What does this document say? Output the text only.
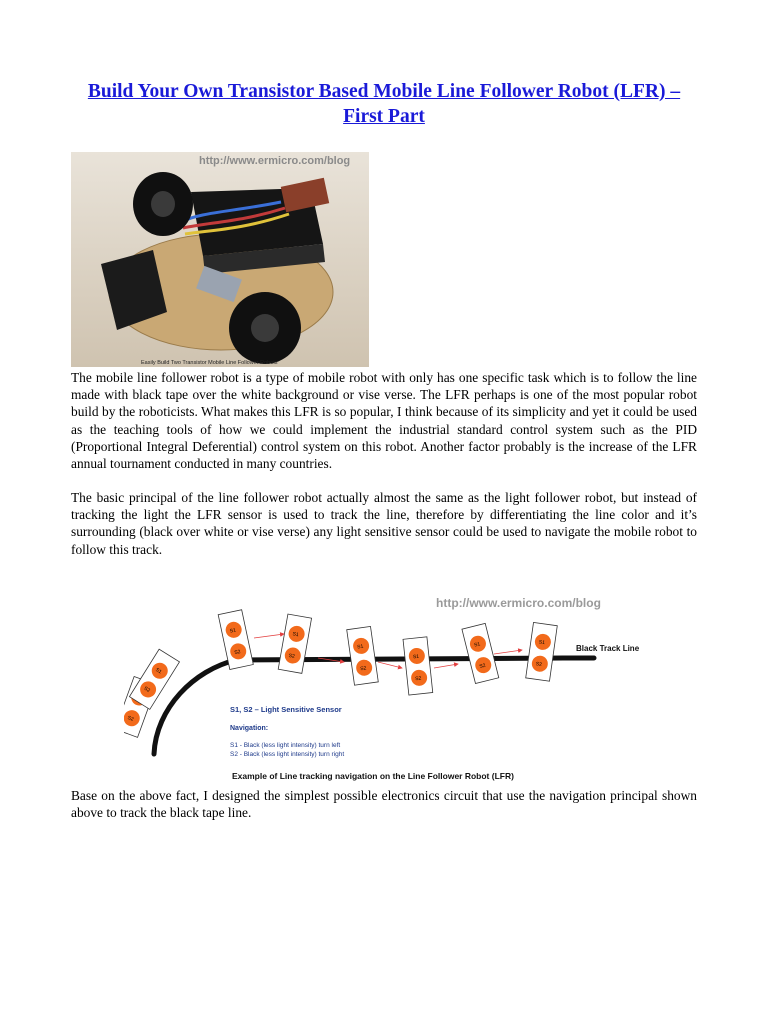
Build Your Own Transistor Based Mobile Line Follower Robot (LFR) – First Part
http://www.ermicro.com/blog
Easily Build Two Transistor Mobile Line Follower Robots

The mobile line follower robot is a type of mobile robot with only has one specific task which is to follow the line made with black tape over the white background or vise verse. The LFR perhaps is one of the most popular robot build by the roboticists. What makes this LFR is so popular, I think because of its simplicity and yet it could be used as the teaching tools of how we could implement the industrial standard control system such as the PID (Proportional Integral Deferential) control system on this robot. Another factor probably is the increase of the LFR annual tournament conducted in many countries.

The basic principal of the line follower robot actually almost the same as the light follower robot, but instead of tracking the light the LFR sensor is used to track the line, therefore by differentiating the line color and it’s surrounding (black over white or vise verse) any light sensitive sensor could be used to navigate the mobile robot to follow this track.

http://www.ermicro.com/blog
Black Track Line
S2
S1
S2
S1
S2
S1
S2
S1
S2
S1
S2
S1
S2
S1
S2
S1, S2 – Light Sensitive Sensor
Navigation:
S1 - Black (less light intensity) turn left
S2 - Black (less light intensity) turn right
Example of Line tracking navigation on the Line Follower Robot (LFR)

Base on the above fact, I designed the simplest possible electronics circuit that use the navigation principal shown above to track the black tape line.
